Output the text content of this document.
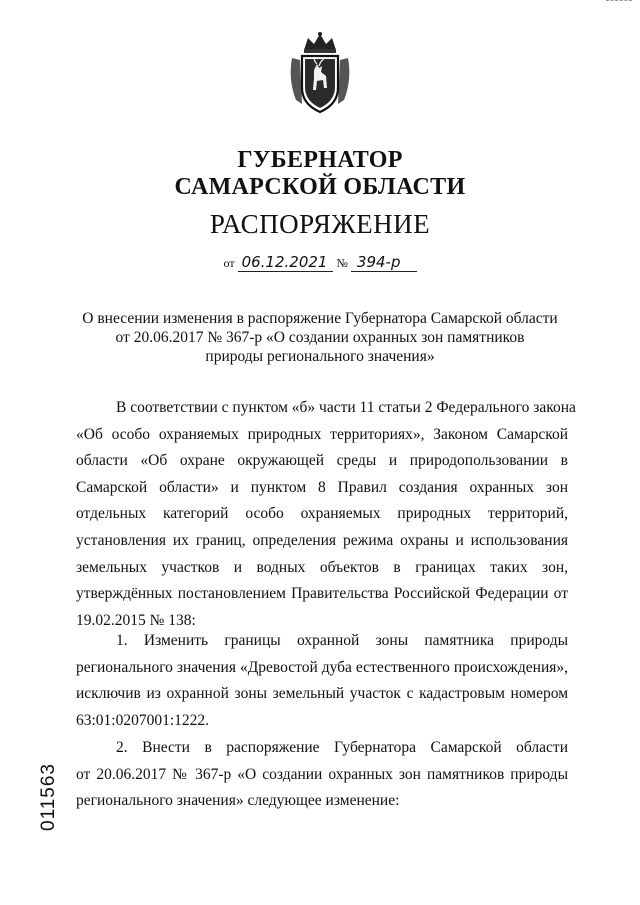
ГУБЕРНАТОР
САМАРСКОЙ ОБЛАСТИ
РАСПОРЯЖЕНИЕ
от 06.12.2021 № 394-р
О внесении изменения в распоряжение Губернатора Самарской области
от 20.06.2017 № 367-р «О создании охранных зон памятников
природы регионального значения»
В соответствии с пунктом «б» части 11 статьи 2 Федерального закона
«Об особо охраняемых природных территориях», Законом Самарской
области «Об охране окружающей среды и природопользовании в
Самарской области» и пунктом 8 Правил создания охранных зон
отдельных категорий особо охраняемых природных территорий,
установления их границ, определения режима охраны и использования
земельных участков и водных объектов в границах таких зон,
утверждённых постановлением Правительства Российской Федерации от
19.02.2015 № 138:
1. Изменить границы охранной зоны памятника природы
регионального значения «Древостой дуба естественного происхождения»,
исключив из охранной зоны земельный участок с кадастровым номером
63:01:0207001:1222.
2. Внести в распоряжение Губернатора Самарской области
от 20.06.2017 № 367-р «О создании охранных зон памятников природы
регионального значения» следующее изменение:
011563
